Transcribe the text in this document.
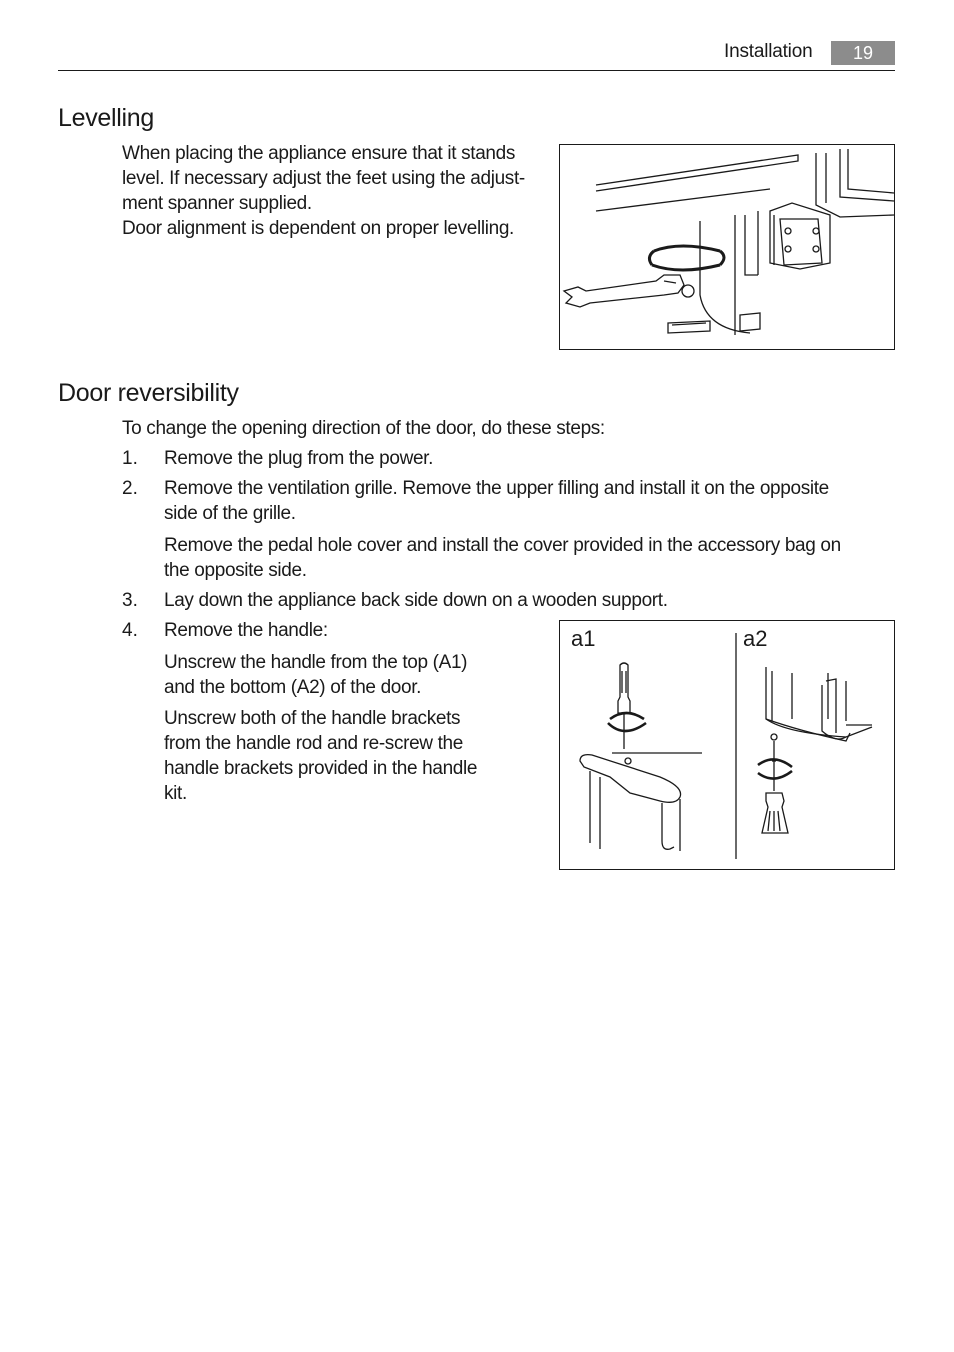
Installation	19
Levelling

When placing the appliance ensure that it stands

level. If necessary adjust the feet using the adjust-

ment spanner supplied.

Door alignment is dependent on proper levelling.

Door reversibility

To change the opening direction of the door, do these steps:

1. Remove the plug from the power.

2. Remove the ventilation grille. Remove the upper filling and install it on the opposite

side of the grille.

Remove the pedal hole cover and install the cover provided in the accessory bag on

the opposite side.

3. Lay down the appliance back side down on a wooden support.

4. Remove the handle:

Unscrew the handle from the top (A1)

and the bottom (A2) of the door.

Unscrew both of the handle brackets

from the handle rod and re-screw the

handle brackets provided in the handle

kit.

a1	a2
